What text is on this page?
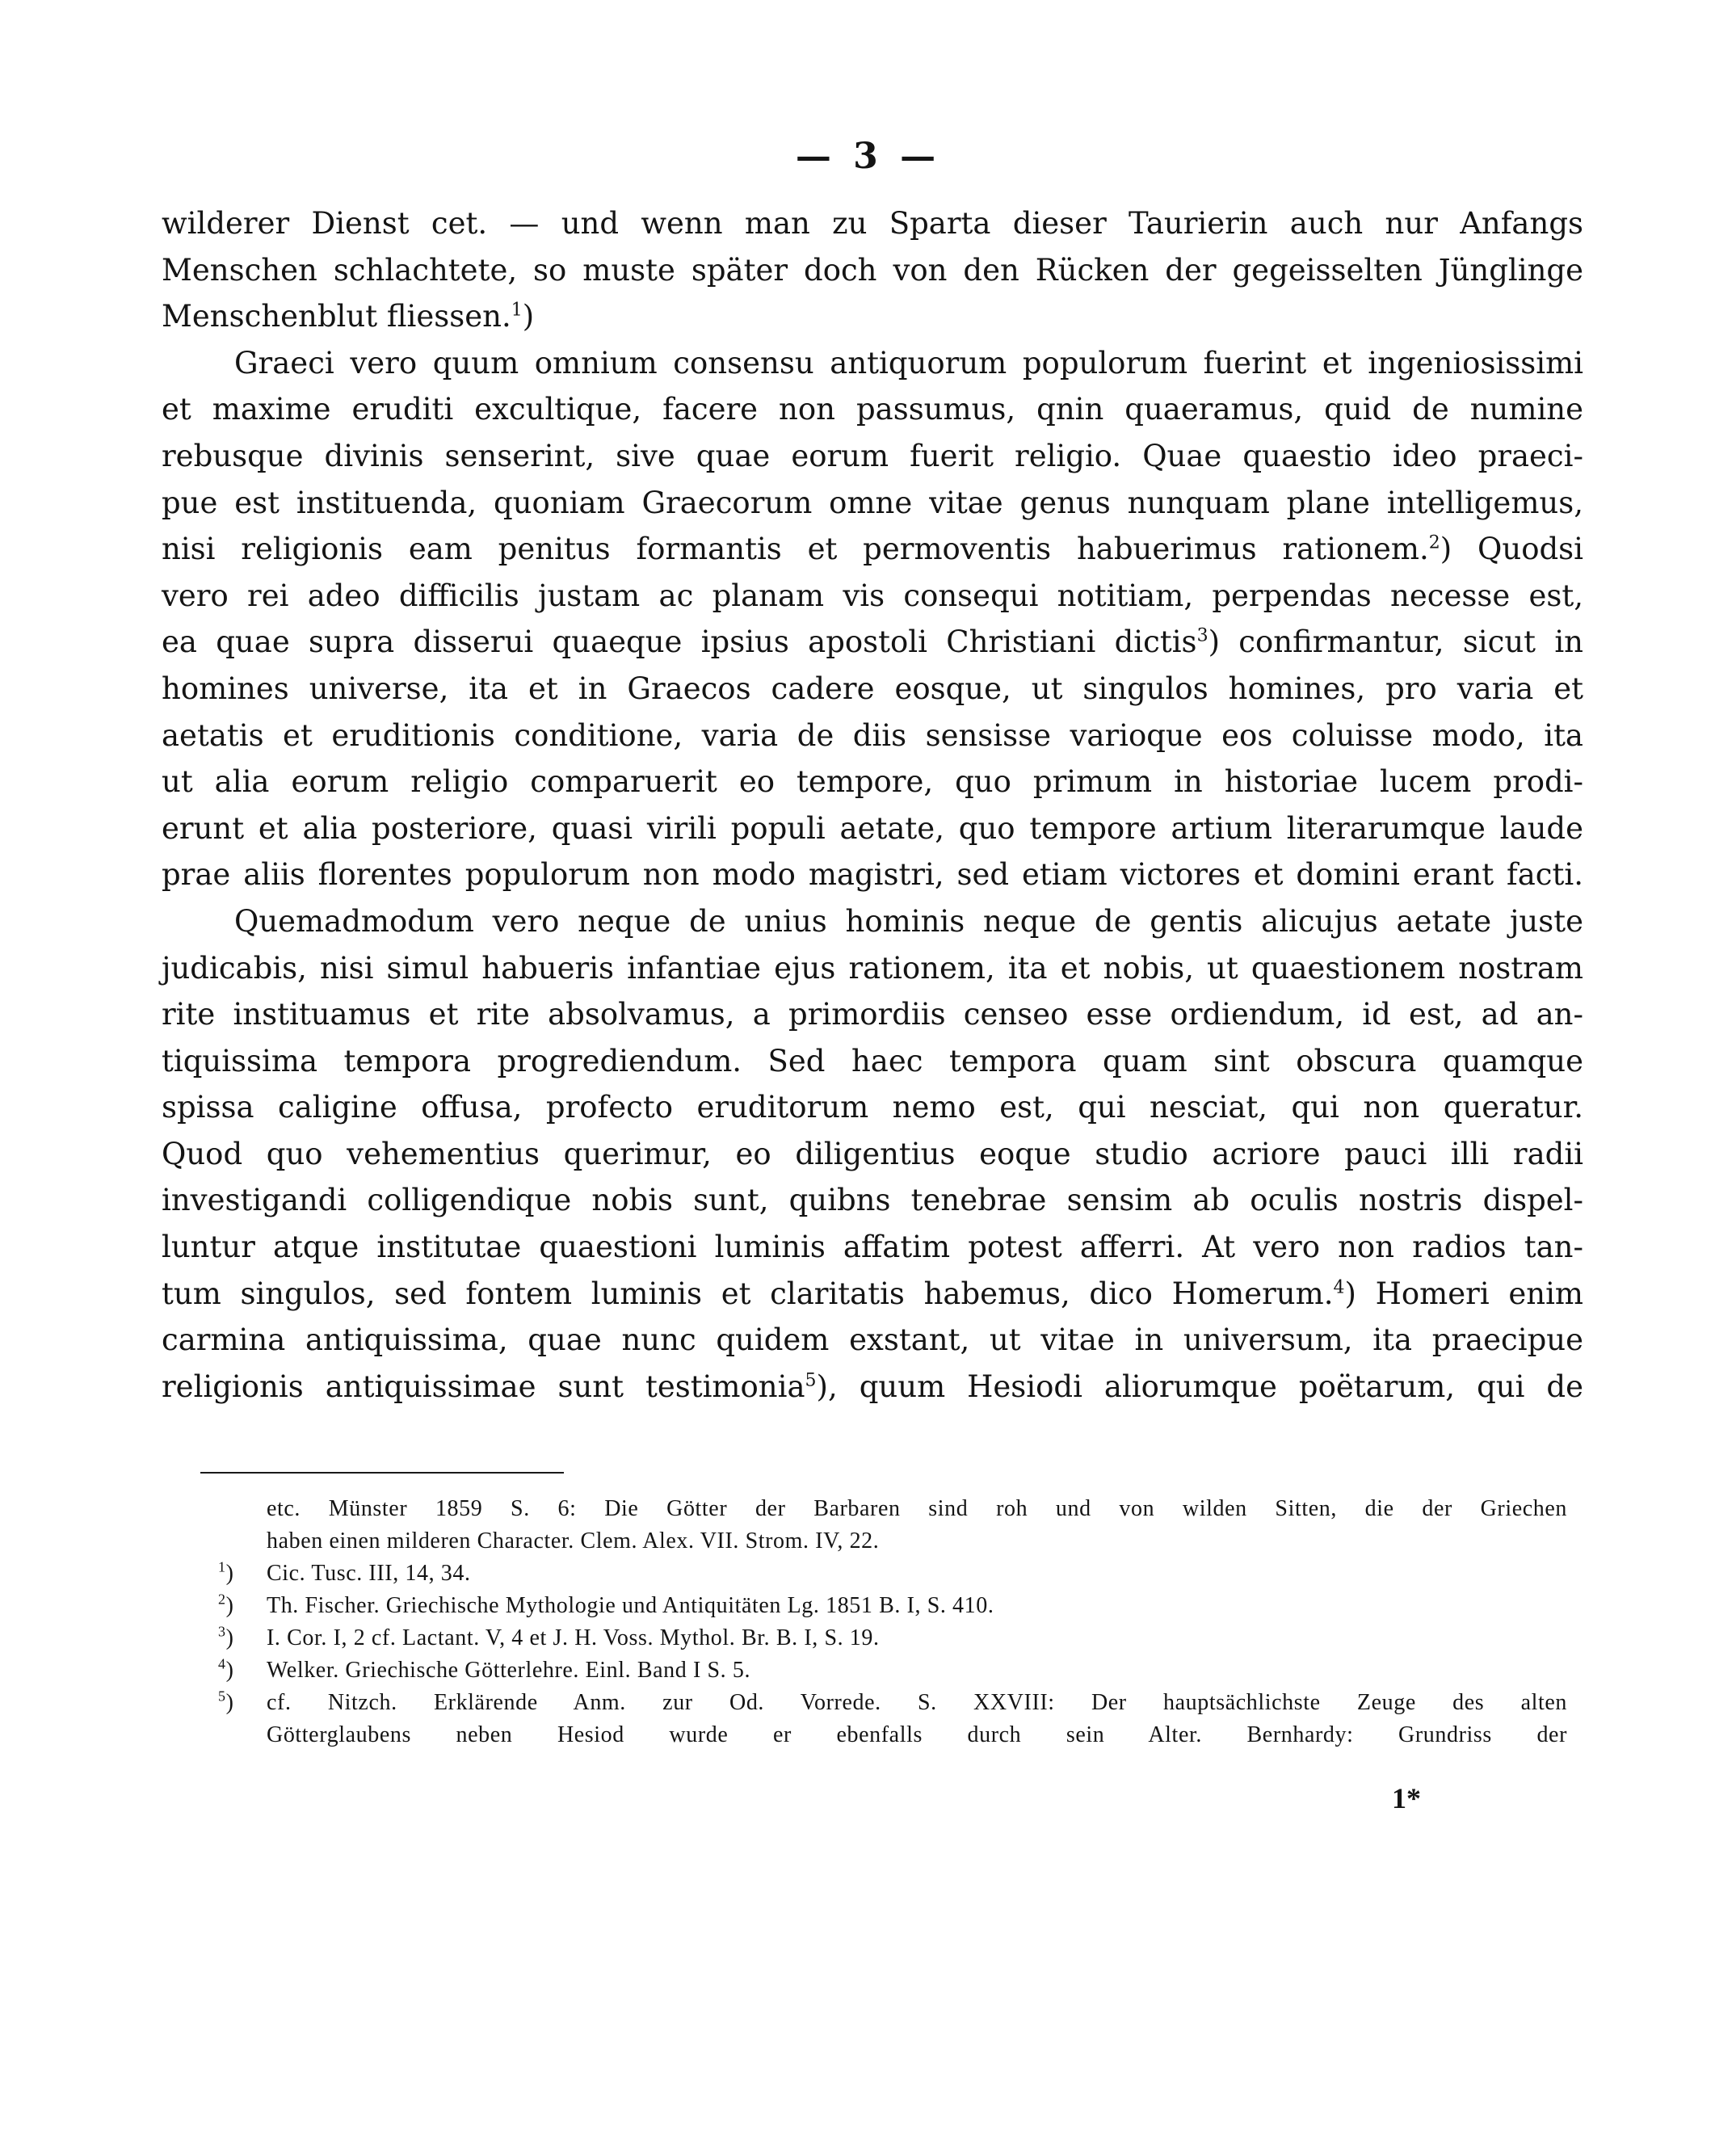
— 3 —
wilderer Dienst cet. — und wenn man zu Sparta dieser Taurierin auch nur Anfangs
Menschen schlachtete, so muste später doch von den Rücken der gegeisselten Jünglinge
Menschenblut fliessen.$^1$)
Graeci vero quum omnium consensu antiquorum populorum fuerint et ingeniosissimi
et maxime eruditi excultique, facere non passumus, qnin quaeramus, quid de numine
rebusque divinis senserint, sive quae eorum fuerit religio. Quae quaestio ideo praeci-
pue est instituenda, quoniam Graecorum omne vitae genus nunquam plane intelligemus,
nisi religionis eam penitus formantis et permoventis habuerimus rationem.$^2$) Quodsi
vero rei adeo difficilis justam ac planam vis consequi notitiam, perpendas necesse est,
ea quae supra disserui quaeque ipsius apostoli Christiani dictis$^3$) confirmantur, sicut in
homines universe, ita et in Graecos cadere eosque, ut singulos homines, pro varia et
aetatis et eruditionis conditione, varia de diis sensisse varioque eos coluisse modo, ita
ut alia eorum religio comparuerit eo tempore, quo primum in historiae lucem prodi-
erunt et alia posteriore, quasi virili populi aetate, quo tempore artium literarumque laude
prae aliis florentes populorum non modo magistri, sed etiam victores et domini erant facti.
Quemadmodum vero neque de unius hominis neque de gentis alicujus aetate juste
judicabis, nisi simul habueris infantiae ejus rationem, ita et nobis, ut quaestionem nostram
rite instituamus et rite absolvamus, a primordiis censeo esse ordiendum, id est, ad an-
tiquissima tempora progrediendum. Sed haec tempora quam sint obscura quamque
spissa caligine offusa, profecto eruditorum nemo est, qui nesciat, qui non queratur.
Quod quo vehementius querimur, eo diligentius eoque studio acriore pauci illi radii
investigandi colligendique nobis sunt, quibns tenebrae sensim ab oculis nostris dispel-
luntur atque institutae quaestioni luminis affatim potest afferri. At vero non radios tan-
tum singulos, sed fontem luminis et claritatis habemus, dico Homerum.$^4$) Homeri enim
carmina antiquissima, quae nunc quidem exstant, ut vitae in universum, ita praecipue
religionis antiquissimae sunt testimonia$^5$), quum Hesiodi aliorumque poëtarum, qui de
etc. Münster 1859 S. 6: Die Götter der Barbaren sind roh und von wilden Sitten, die der Griechen
haben einen milderen Character. Clem. Alex. VII. Strom. IV, 22.
$^1$) Cic. Tusc. III, 14, 34.
$^2$) Th. Fischer. Griechische Mythologie und Antiquitäten Lg. 1851 B. I, S. 410.
$^3$) I. Cor. I, 2 cf. Lactant. V, 4 et J. H. Voss. Mythol. Br. B. I, S. 19.
$^4$) Welker. Griechische Götterlehre. Einl. Band I S. 5.
$^5$) cf. Nitzch. Erklärende Anm. zur Od. Vorrede. S. XXVIII: Der hauptsächlichste Zeuge des alten
Götterglaubens neben Hesiod wurde er ebenfalls durch sein Alter. Bernhardy: Grundriss der
1*
